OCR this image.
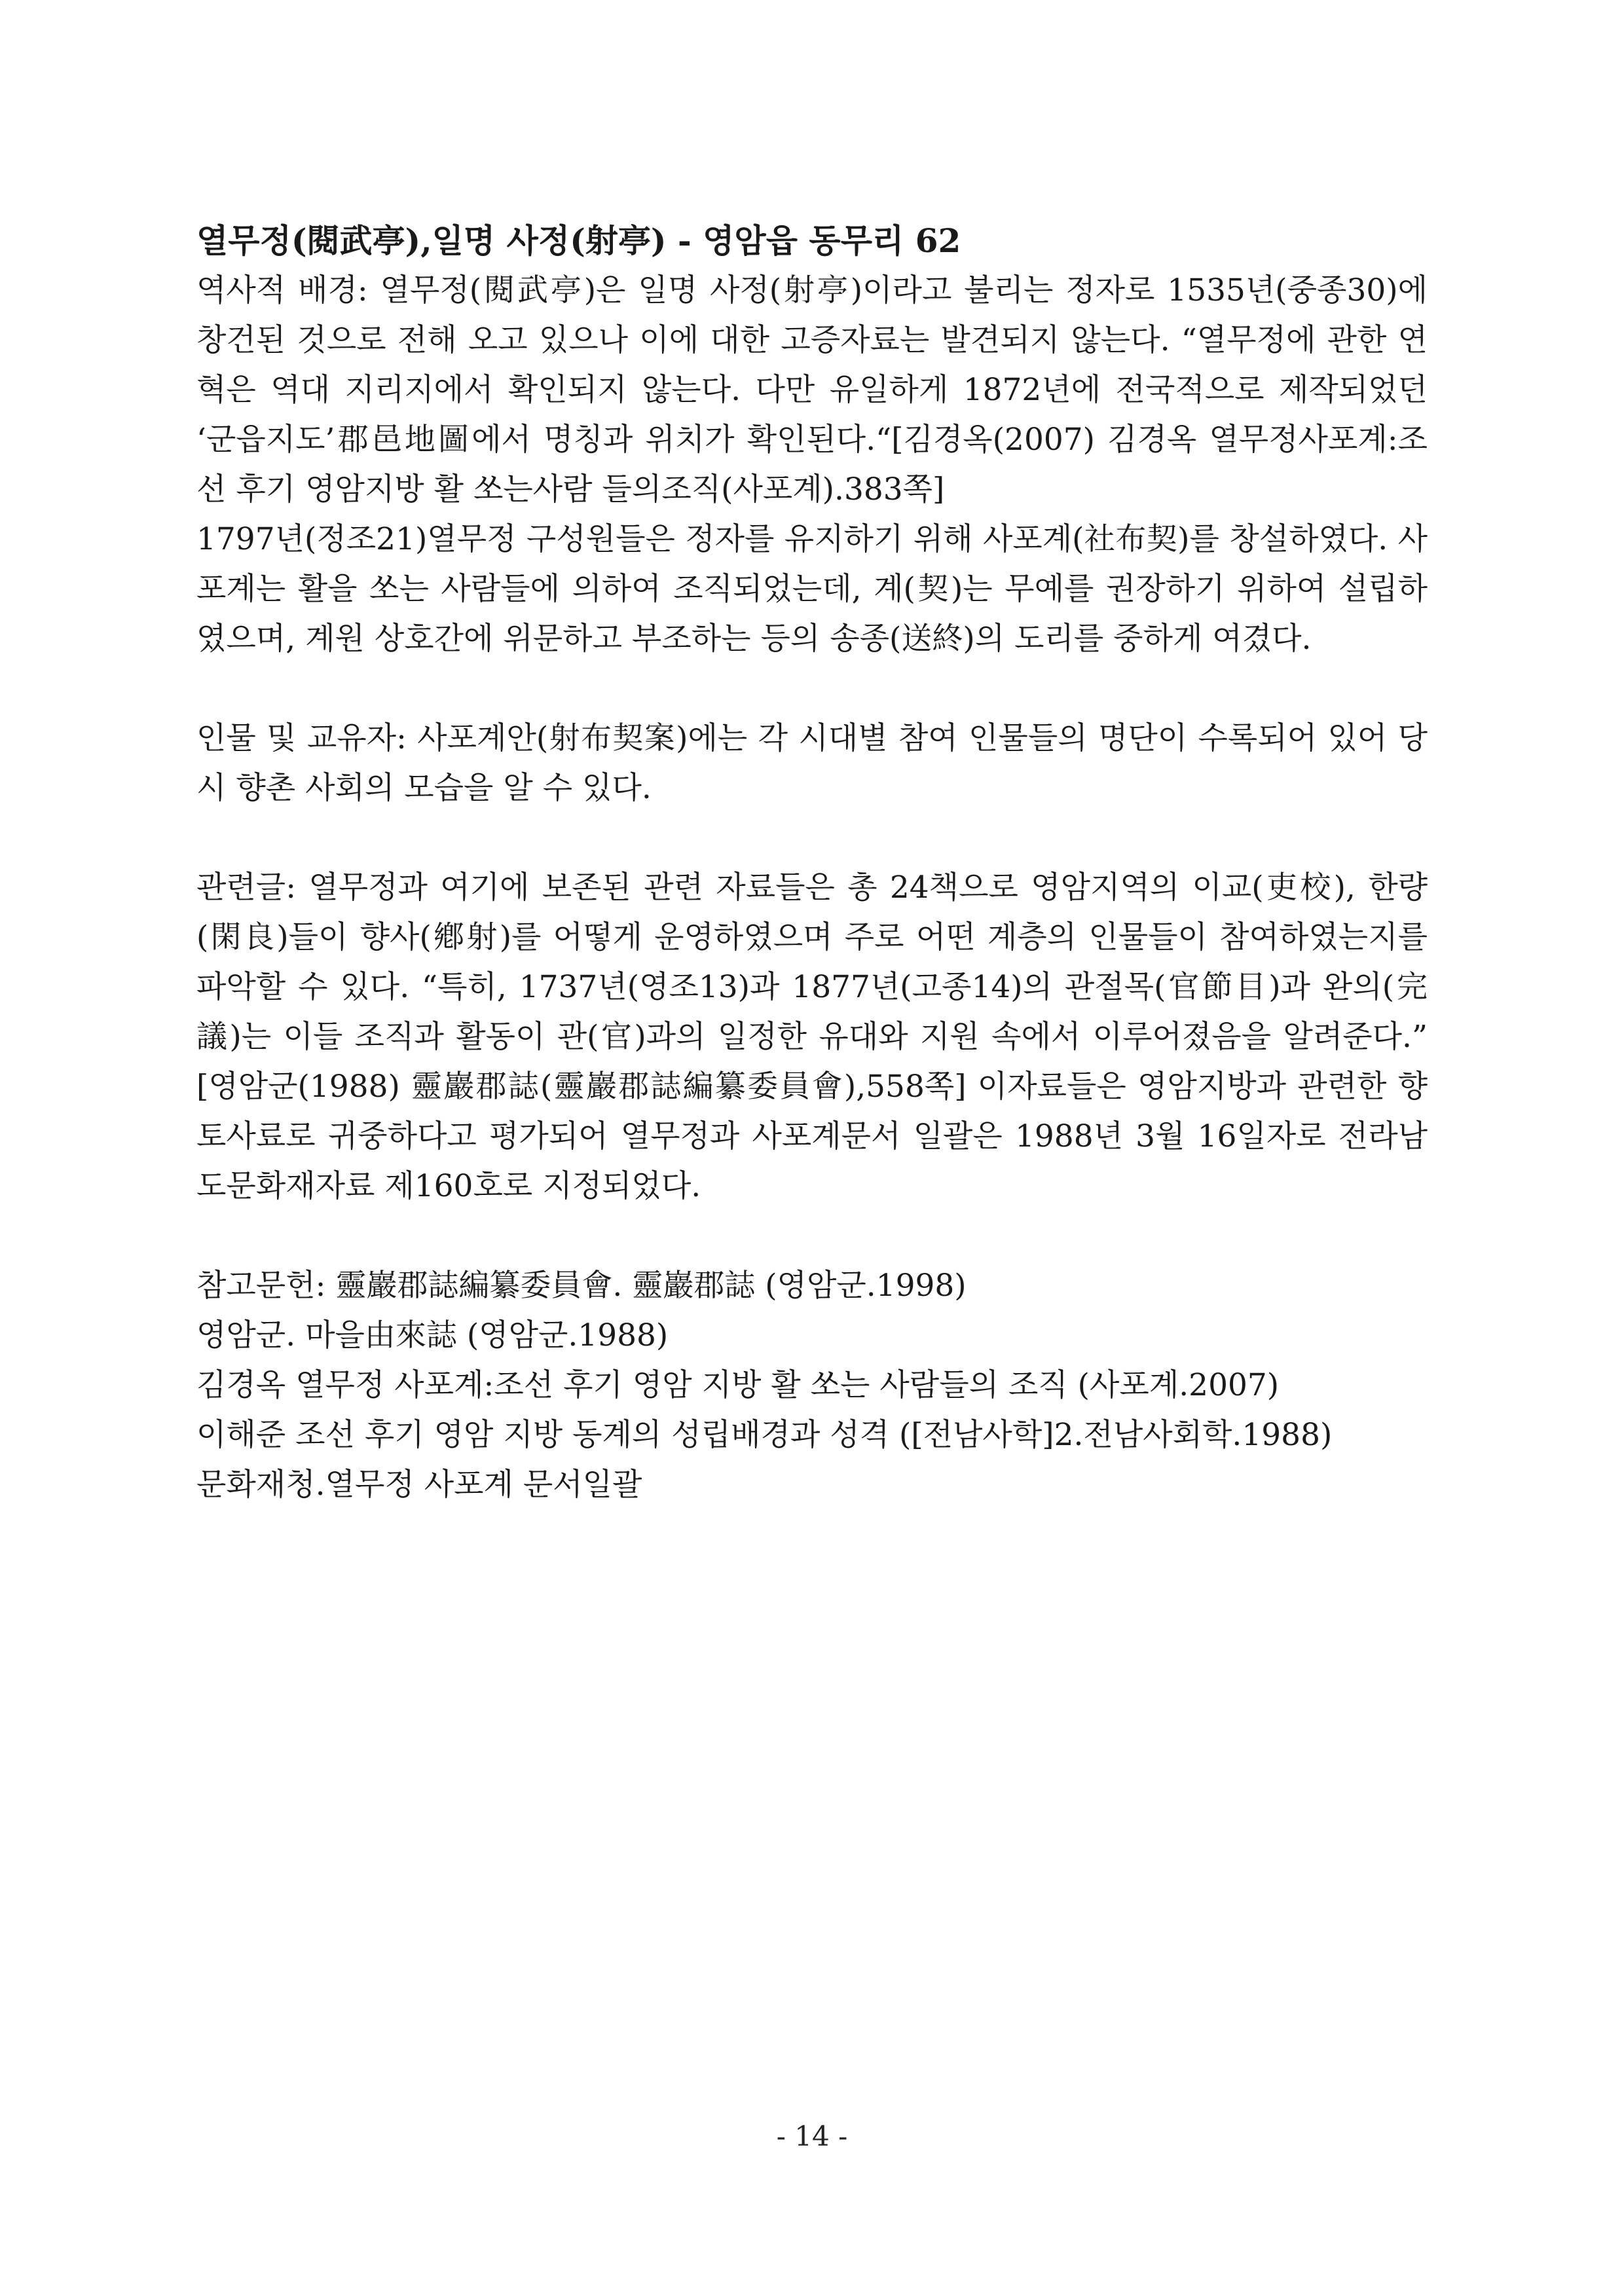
열무정(閱武亭),일명 사정(射亭) - 영암읍 동무리 62

역사적 배경: 열무정(閱武亭)은 일명 사정(射亭)이라고 불리는 정자로 1535년(중종30)에 창건된 것으로 전해 오고 있으나 이에 대한 고증자료는 발견되지 않는다. “열무정에 관한 연혁은 역대 지리지에서 확인되지 않는다. 다만 유일하게 1872년에 전국적으로 제작되었던 ‘군읍지도’郡邑地圖에서 명칭과 위치가 확인된다.“[김경옥(2007) 김경옥 열무정사포계:조선 후기 영암지방 활 쏘는사람 들의조직(사포계).383쪽]

1797년(정조21)열무정 구성원들은 정자를 유지하기 위해 사포계(社布契)를 창설하였다. 사포계는 활을 쏘는 사람들에 의하여 조직되었는데, 계(契)는 무예를 권장하기 위하여 설립하였으며, 계원 상호간에 위문하고 부조하는 등의 송종(送終)의 도리를 중하게 여겼다.

인물 및 교유자: 사포계안(射布契案)에는 각 시대별 참여 인물들의 명단이 수록되어 있어 당시 향촌 사회의 모습을 알 수 있다.

관련글: 열무정과 여기에 보존된 관련 자료들은 총 24책으로 영암지역의 이교(吏校), 한량(閑良)들이 향사(鄕射)를 어떻게 운영하였으며 주로 어떤 계층의 인물들이 참여하였는지를 파악할 수 있다. “특히, 1737년(영조13)과 1877년(고종14)의 관절목(官節目)과 완의(完議)는 이들 조직과 활동이 관(官)과의 일정한 유대와 지원 속에서 이루어졌음을 알려준다.” [영암군(1988) 靈巖郡誌(靈巖郡誌編纂委員會),558쪽] 이자료들은 영암지방과 관련한 향토사료로 귀중하다고 평가되어 열무정과 사포계문서 일괄은 1988년 3월 16일자로 전라남도문화재자료 제160호로 지정되었다.

참고문헌: 靈巖郡誌編纂委員會. 靈巖郡誌 (영암군.1998)

영암군. 마을由來誌 (영암군.1988)

김경옥 열무정 사포계:조선 후기 영암 지방 활 쏘는 사람들의 조직 (사포계.2007)

이해준 조선 후기 영암 지방 동계의 성립배경과 성격 ([전남사학]2.전남사회학.1988)

문화재청.열무정 사포계 문서일괄

- 14 -
